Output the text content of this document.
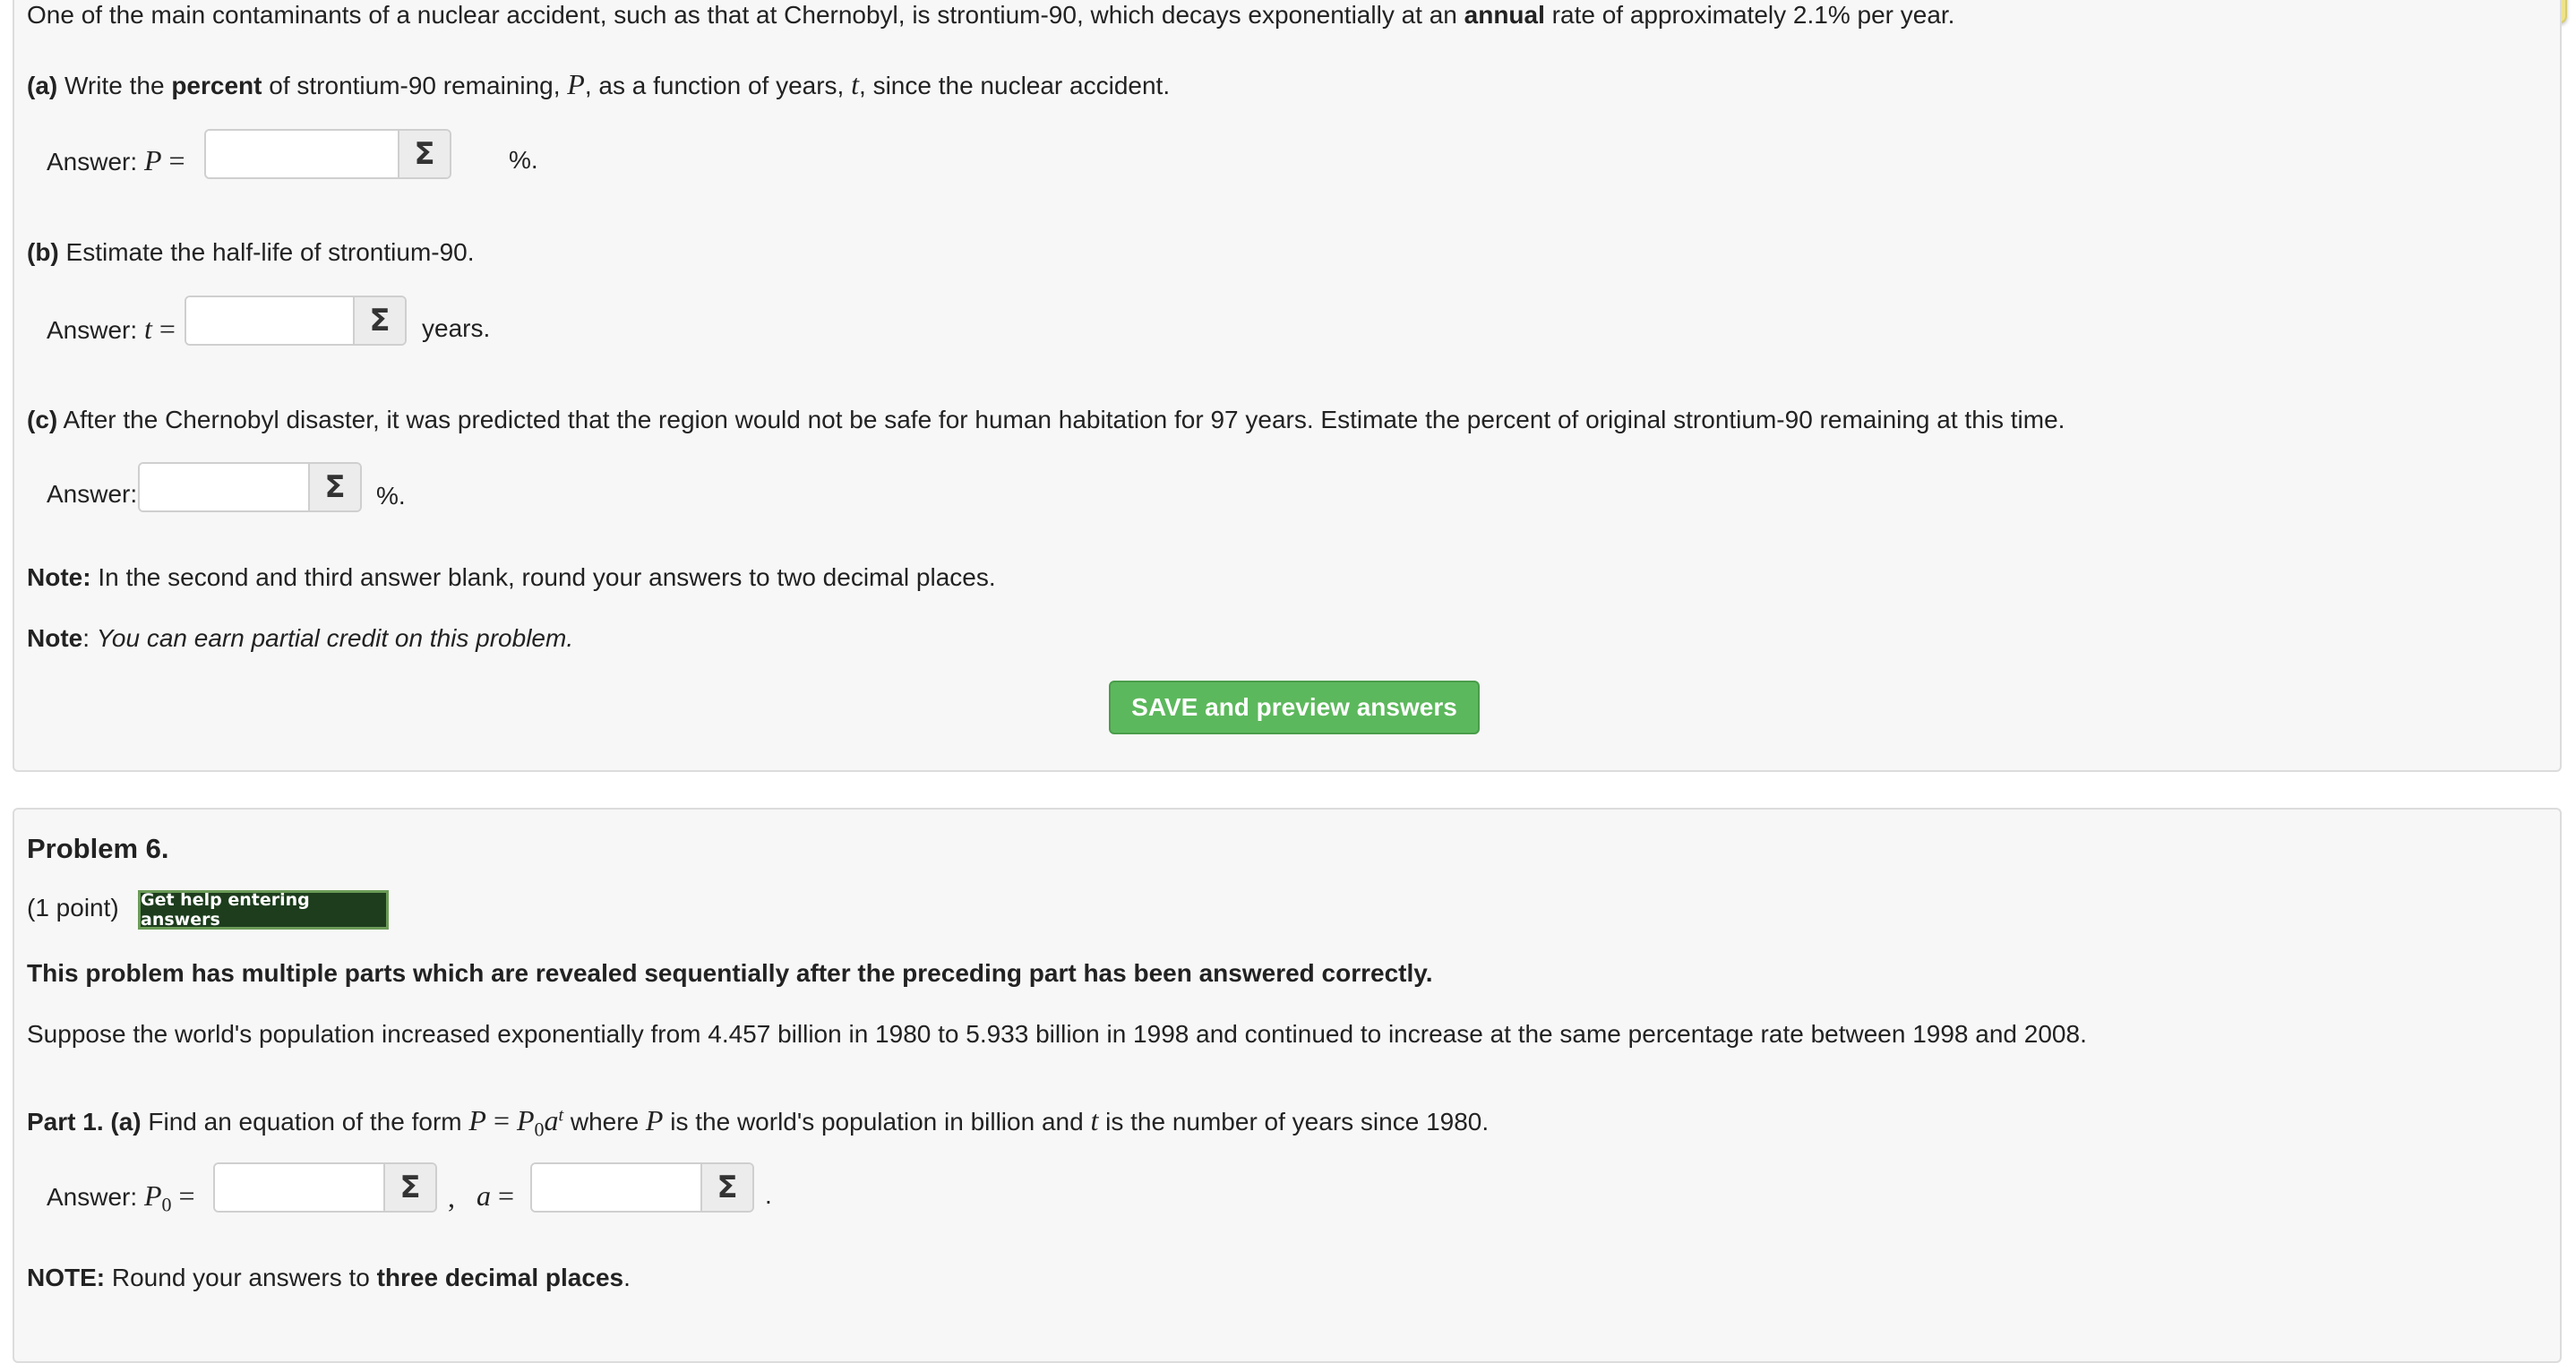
One of the main contaminants of a nuclear accident, such as that at Chernobyl, is strontium-90, which decays exponentially at an annual rate of approximately 2.1% per year.
(a) Write the percent of strontium-90 remaining, P, as a function of years, t, since the nuclear accident.
Answer: P =	Σ	%.
(b) Estimate the half-life of strontium-90.
Answer: t =	Σ	years.
(c) After the Chernobyl disaster, it was predicted that the region would not be safe for human habitation for 97 years. Estimate the percent of original strontium-90 remaining at this time.
Answer:	Σ	%.
Note: In the second and third answer blank, round your answers to two decimal places.
Note: You can earn partial credit on this problem.
SAVE and preview answers
Problem 6.
(1 point) Get help entering answers
This problem has multiple parts which are revealed sequentially after the preceding part has been answered correctly.
Suppose the world's population increased exponentially from 4.457 billion in 1980 to 5.933 billion in 1998 and continued to increase at the same percentage rate between 1998 and 2008.
Part 1. (a) Find an equation of the form $P = P_0a^t$ where P is the world's population in billion and t is the number of years since 1980.
Answer: $P_0$ =	Σ , a =	Σ	.
NOTE: Round your answers to three decimal places.
